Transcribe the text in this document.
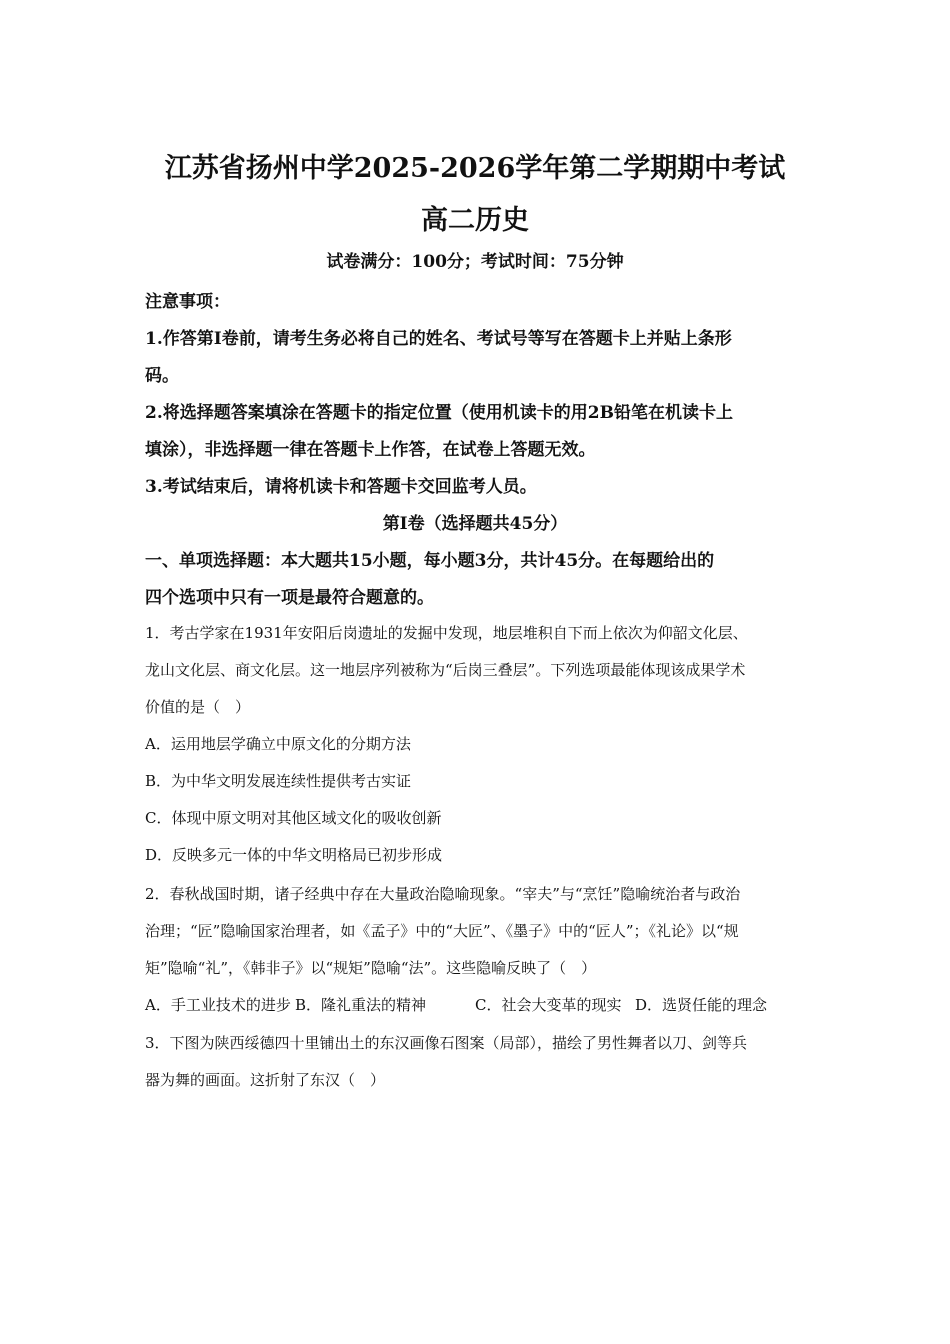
江苏省扬州中学2025-2026学年第二学期期中考试
高二历史
试卷满分：100分；考试时间：75分钟
注意事项：
1.作答第Ⅰ卷前，请考生务必将自己的姓名、考试号等写在答题卡上并贴上条形
码。
2.将选择题答案填涂在答题卡的指定位置（使用机读卡的用2B铅笔在机读卡上
填涂），非选择题一律在答题卡上作答，在试卷上答题无效。
3.考试结束后，请将机读卡和答题卡交回监考人员。
第Ⅰ卷（选择题共45分）
一、单项选择题：本大题共15小题，每小题3分，共计45分。在每题给出的
四个选项中只有一项是最符合题意的。
1．考古学家在1931年安阳后岗遗址的发掘中发现，地层堆积自下而上依次为仰韶文化层、
龙山文化层、商文化层。这一地层序列被称为“后岗三叠层”。下列选项最能体现该成果学术
价值的是（　）
A．运用地层学确立中原文化的分期方法
B．为中华文明发展连续性提供考古实证
C．体现中原文明对其他区域文化的吸收创新
D．反映多元一体的中华文明格局已初步形成
2．春秋战国时期，诸子经典中存在大量政治隐喻现象。“宰夫”与“烹饪”隐喻统治者与政治
治理；“匠”隐喻国家治理者，如《孟子》中的“大匠”、《墨子》中的“匠人”；《礼论》以“规
矩”隐喻“礼”，《韩非子》以“规矩”隐喻“法”。这些隐喻反映了（　）
A．手工业技术的进步 B．隆礼重法的精神	C．社会大变革的现实 D．选贤任能的理念
3．下图为陕西绥德四十里铺出土的东汉画像石图案（局部），描绘了男性舞者以刀、剑等兵
器为舞的画面。这折射了东汉（　）
